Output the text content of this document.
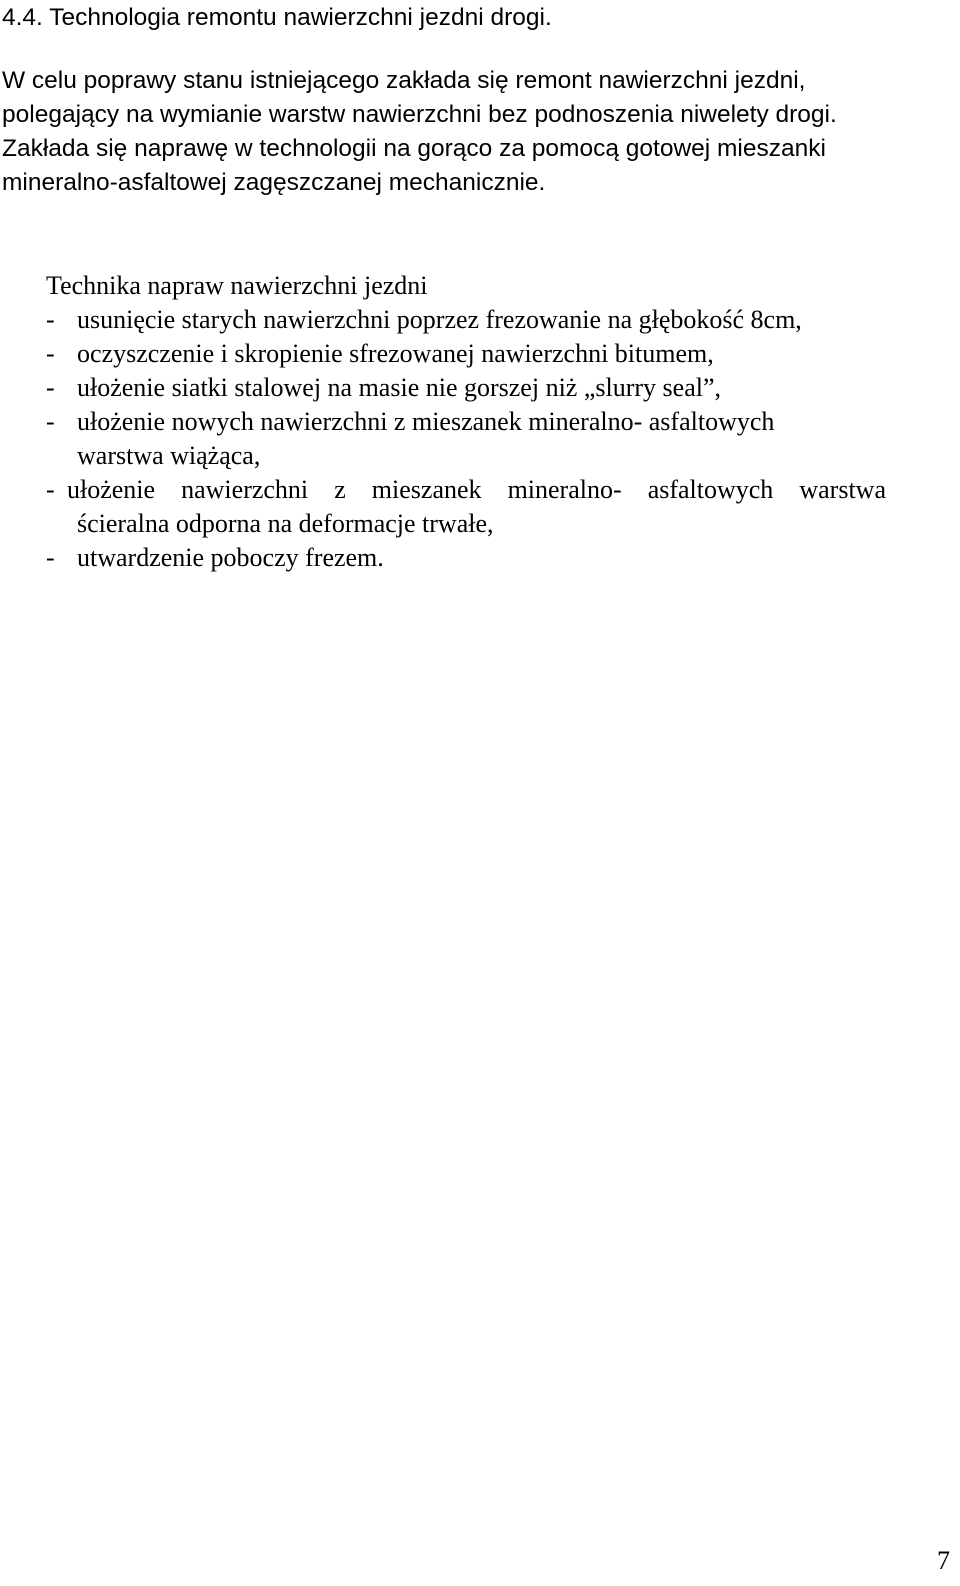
4.4. Technologia remontu nawierzchni jezdni drogi.
W celu poprawy stanu istniejącego zakłada się remont nawierzchni jezdni,
polegający na wymianie warstw nawierzchni bez podnoszenia niwelety drogi.
Zakłada się naprawę w technologii na gorąco za pomocą gotowej mieszanki
mineralno-asfaltowej zagęszczanej mechanicznie.
Technika napraw nawierzchni jezdni
- usunięcie starych nawierzchni poprzez frezowanie na głębokość 8cm,
- oczyszczenie i skropienie sfrezowanej nawierzchni bitumem,
- ułożenie siatki stalowej na masie nie gorszej niż „slurry seal”,
- ułożenie nowych nawierzchni z mieszanek mineralno- asfaltowych
warstwa wiążąca,
- ułożenie nawierzchni z mieszanek mineralno- asfaltowych warstwa
ścieralna odporna na deformacje trwałe,
- utwardzenie poboczy frezem.
7
